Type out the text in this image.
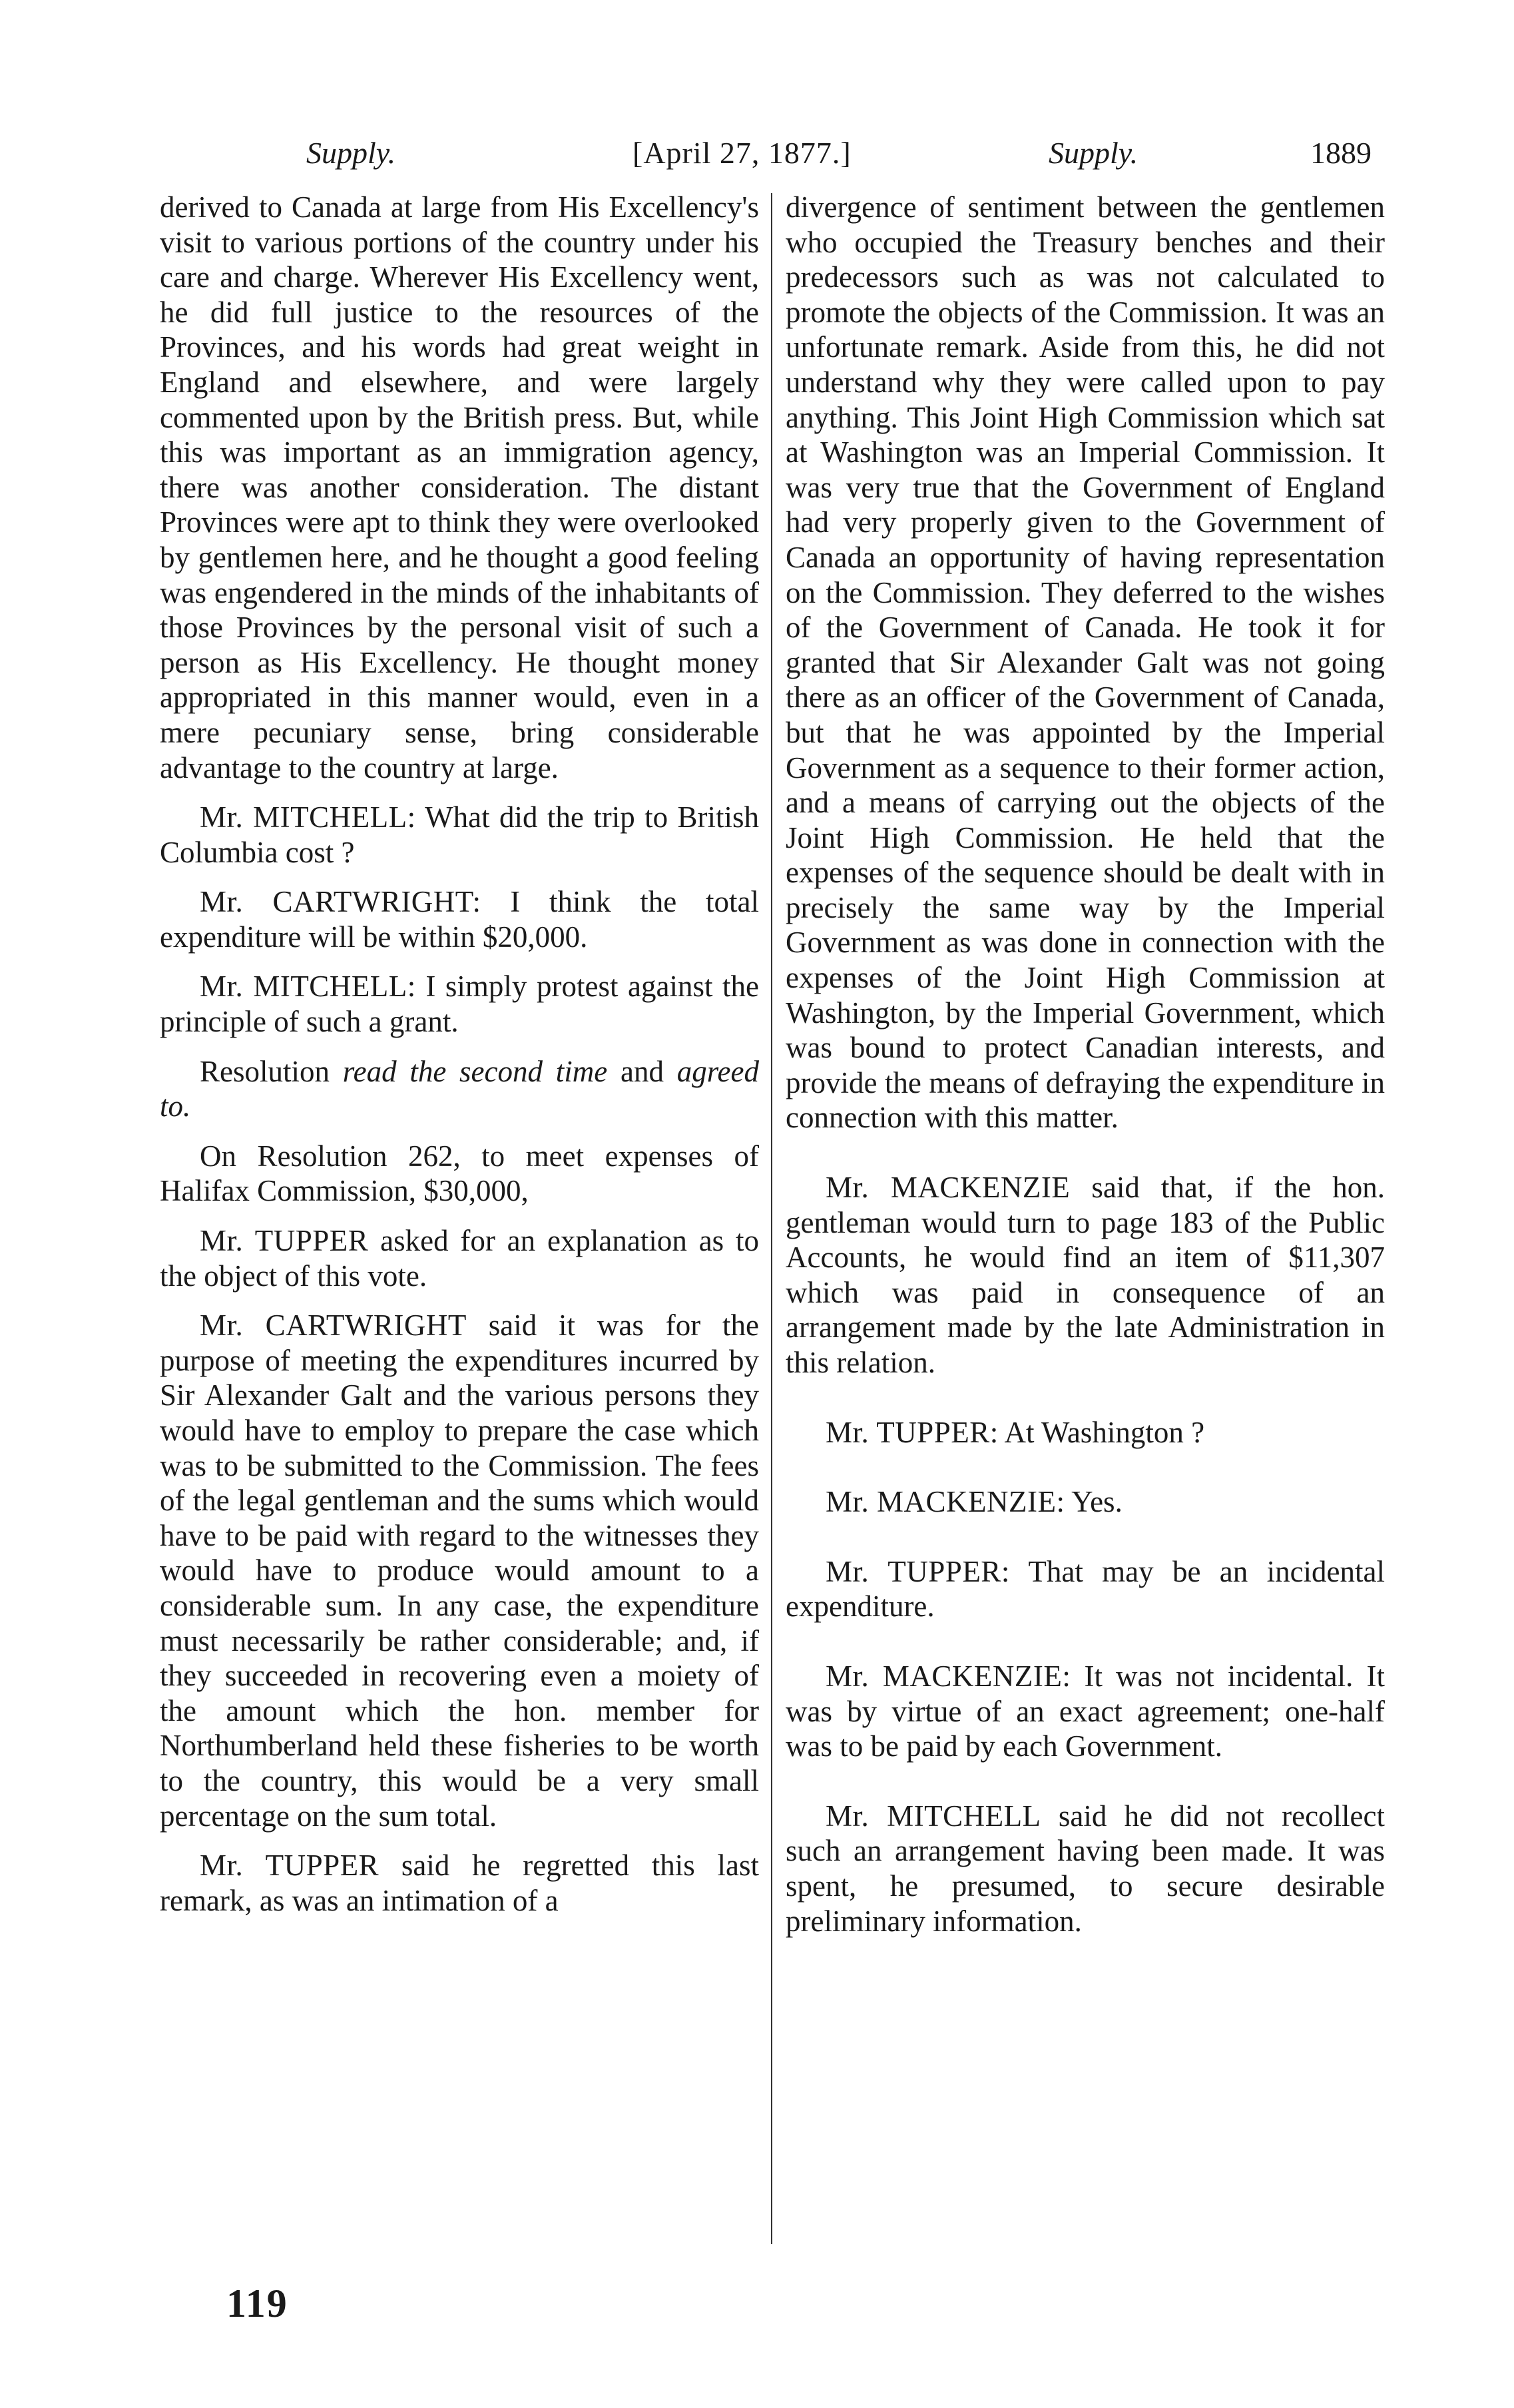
Supply.	[April 27, 1877.]	Supply.	1889

derived to Canada at large from His Excellency's visit to various portions of the country under his care and charge. Wherever His Excellency went, he did full justice to the resources of the Provinces, and his words had great weight in England and elsewhere, and were largely commented upon by the British press. But, while this was important as an immigration agency, there was another consideration. The distant Provinces were apt to think they were overlooked by gentlemen here, and he thought a good feeling was engendered in the minds of the inhabitants of those Provinces by the personal visit of such a person as His Excellency. He thought money appropriated in this manner would, even in a mere pecuniary sense, bring considerable advantage to the country at large.

Mr. MITCHELL: What did the trip to British Columbia cost ?

Mr. CARTWRIGHT: I think the total expenditure will be within $20,000.

Mr. MITCHELL: I simply protest against the principle of such a grant.

Resolution read the second time and agreed to.

On Resolution 262, to meet expenses of Halifax Commission, $30,000,

Mr. TUPPER asked for an explanation as to the object of this vote.

Mr. CARTWRIGHT said it was for the purpose of meeting the expenditures incurred by Sir Alexander Galt and the various persons they would have to employ to prepare the case which was to be submitted to the Commission. The fees of the legal gentleman and the sums which would have to be paid with regard to the witnesses they would have to produce would amount to a considerable sum. In any case, the expenditure must necessarily be rather considerable; and, if they succeeded in recovering even a moiety of the amount which the hon. member for Northumberland held these fisheries to be worth to the country, this would be a very small percentage on the sum total.

Mr. TUPPER said he regretted this last remark, as was an intimation of a

divergence of sentiment between the gentlemen who occupied the Treasury benches and their predecessors such as was not calculated to promote the objects of the Commission. It was an unfortunate remark. Aside from this, he did not understand why they were called upon to pay anything. This Joint High Commission which sat at Washington was an Imperial Commission. It was very true that the Government of England had very properly given to the Government of Canada an opportunity of having representation on the Commission. They deferred to the wishes of the Government of Canada. He took it for granted that Sir Alexander Galt was not going there as an officer of the Government of Canada, but that he was appointed by the Imperial Government as a sequence to their former action, and a means of carrying out the objects of the Joint High Commission. He held that the expenses of the sequence should be dealt with in precisely the same way by the Imperial Government as was done in connection with the expenses of the Joint High Commission at Washington, by the Imperial Government, which was bound to protect Canadian interests, and provide the means of defraying the expenditure in connection with this matter.

Mr. MACKENZIE said that, if the hon. gentleman would turn to page 183 of the Public Accounts, he would find an item of $11,307 which was paid in consequence of an arrangement made by the late Administration in this relation.

Mr. TUPPER: At Washington ?

Mr. MACKENZIE: Yes.

Mr. TUPPER: That may be an incidental expenditure.

Mr. MACKENZIE: It was not incidental. It was by virtue of an exact agreement; one-half was to be paid by each Government.

Mr. MITCHELL said he did not recollect such an arrangement having been made. It was spent, he presumed, to secure desirable preliminary information.

119
